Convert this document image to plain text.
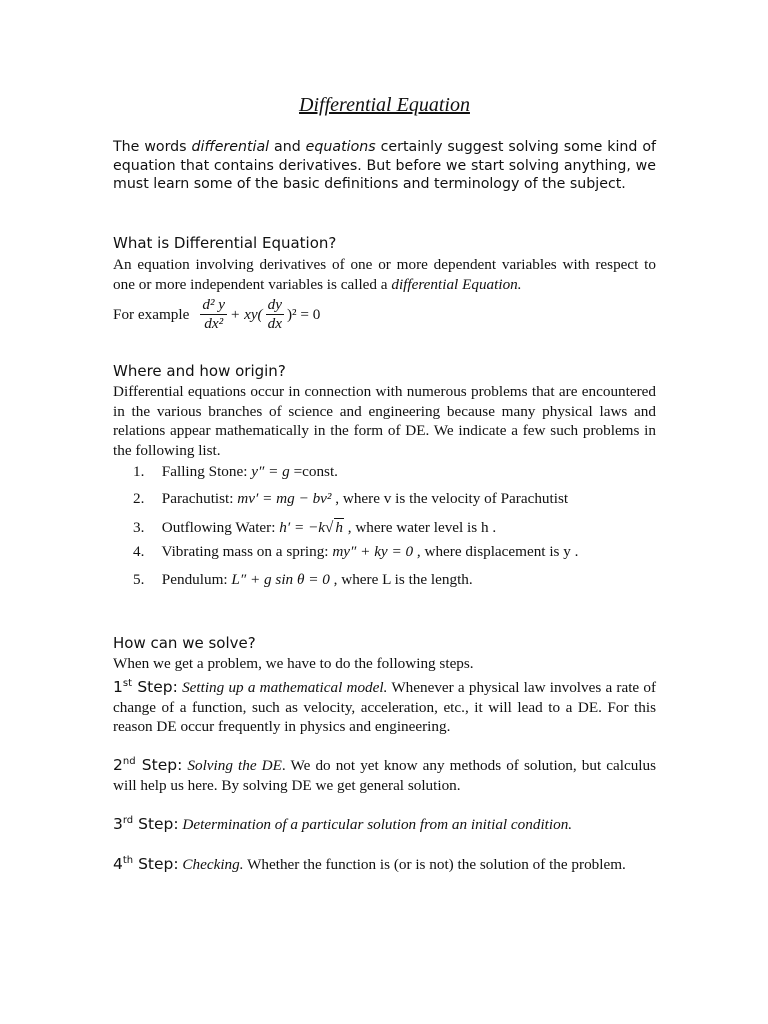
Differential Equation
The words differential and equations certainly suggest solving some kind of equation that contains derivatives. But before we start solving anything, we must learn some of the basic definitions and terminology of the subject.
What is Differential Equation?
An equation involving derivatives of one or more dependent variables with respect to one or more independent variables is called a differential Equation.
For example $\frac{\text{d² y}}{\text{dx²}} + xy( \frac{dy}{dx} )^2 = 0$
Where and how origin?
Differential equations occur in connection with numerous problems that are encountered in the various branches of science and engineering because many physical laws and relations appear mathematically in the form of DE. We indicate a few such problems in the following list.
1. Falling Stone: y″ = g =const.
2. Parachutist: mv′ = mg − bv² , where v is the velocity of Parachutist
3. Outflowing Water: h′ = −k√ h , where water level is h .
4. Vibrating mass on a spring: my″ + ky = 0 , where displacement is y .
5. Pendulum: L″ + g sin θ = 0 , where L is the length.
How can we solve?
When we get a problem, we have to do the following steps.
1st Step: Setting up a mathematical model. Whenever a physical law involves a rate of change of a function, such as velocity, acceleration, etc., it will lead to a DE. For this reason DE occur frequently in physics and engineering.
2nd Step: Solving the DE. We do not yet know any methods of solution, but calculus will help us here. By solving DE we get general solution.
3rd Step: Determination of a particular solution from an initial condition.
4th Step: Checking. Whether the function is (or is not) the solution of the problem.
